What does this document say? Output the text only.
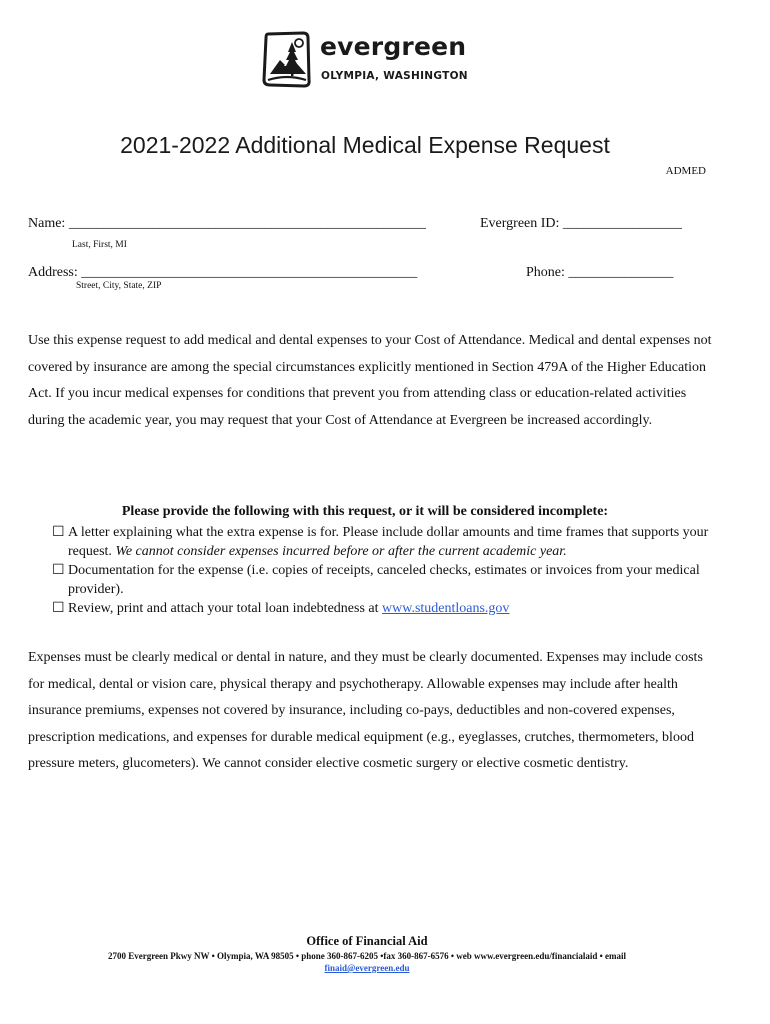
evergreen
OLYMPIA, WASHINGTON
2021-2022 Additional Medical Expense Request
ADMED
Name: ___________________________________________________
Last, First, MI
Evergreen ID: _________________
Address: ________________________________________________
Street, City, State, ZIP
Phone: _______________
Use this expense request to add medical and dental expenses to your Cost of Attendance. Medical and dental expenses not covered by insurance are among the special circumstances explicitly mentioned in Section 479A of the Higher Education Act. If you incur medical expenses for conditions that prevent you from attending class or education-related activities during the academic year, you may request that your Cost of Attendance at Evergreen be increased accordingly.
Please provide the following with this request, or it will be considered incomplete:
☐ A letter explaining what the extra expense is for. Please include dollar amounts and time frames that supports your request. We cannot consider expenses incurred before or after the current academic year.
☐ Documentation for the expense (i.e. copies of receipts, canceled checks, estimates or invoices from your medical provider).
☐ Review, print and attach your total loan indebtedness at www.studentloans.gov
Expenses must be clearly medical or dental in nature, and they must be clearly documented. Expenses may include costs for medical, dental or vision care, physical therapy and psychotherapy. Allowable expenses may include after health insurance premiums, expenses not covered by insurance, including co-pays, deductibles and non-covered expenses, prescription medications, and expenses for durable medical equipment (e.g., eyeglasses, crutches, thermometers, blood pressure meters, glucometers). We cannot consider elective cosmetic surgery or elective cosmetic dentistry.
Office of Financial Aid
2700 Evergreen Pkwy NW • Olympia, WA 98505 • phone 360-867-6205 •fax 360-867-6576 • web www.evergreen.edu/financialaid • email
finaid@evergreen.edu
